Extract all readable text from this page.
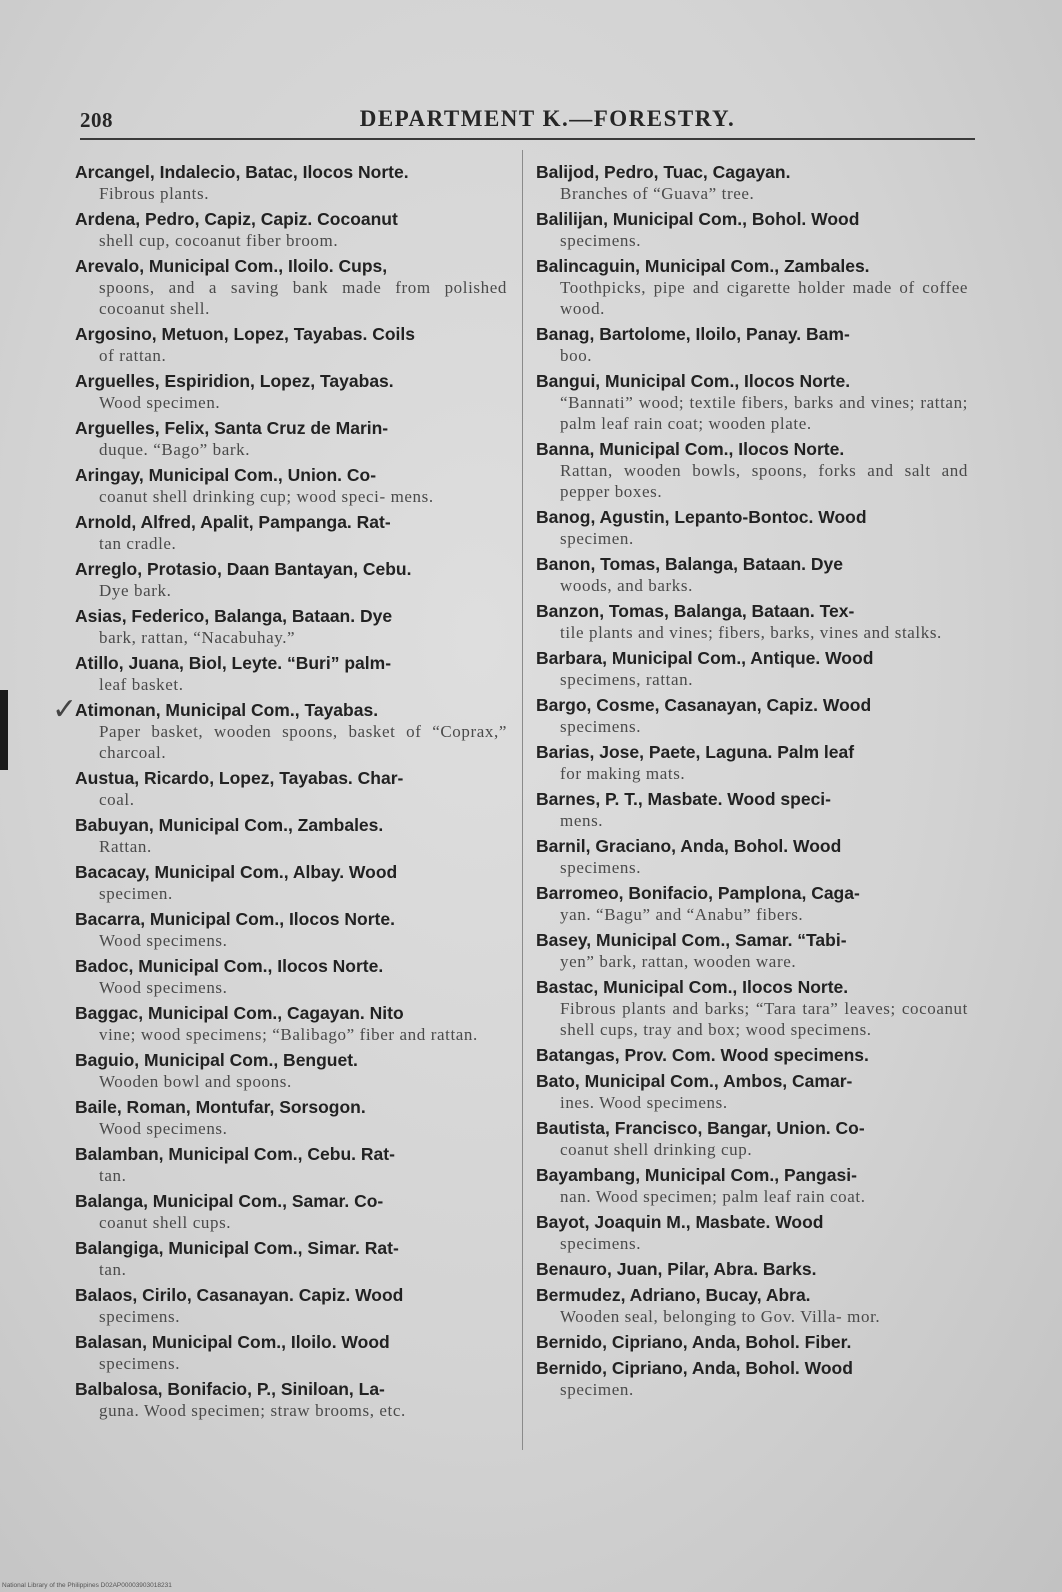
208	DEPARTMENT K.—FORESTRY.
Arcangel, Indalecio, Batac, Ilocos Norte.
Fibrous plants.
Ardena, Pedro, Capiz, Capiz. Cocoanut
shell cup, cocoanut fiber broom.
Arevalo, Municipal Com., Iloilo. Cups,
spoons, and a saving bank made from polished cocoanut shell.
Argosino, Metuon, Lopez, Tayabas. Coils
of rattan.
Arguelles, Espiridion, Lopez, Tayabas.
Wood specimen.
Arguelles, Felix, Santa Cruz de Marin-
duque. “Bago” bark.
Aringay, Municipal Com., Union. Co-
coanut shell drinking cup; wood speci- mens.
Arnold, Alfred, Apalit, Pampanga. Rat-
tan cradle.
Arreglo, Protasio, Daan Bantayan, Cebu.
Dye bark.
Asias, Federico, Balanga, Bataan. Dye
bark, rattan, “Nacabuhay.”
Atillo, Juana, Biol, Leyte. “Buri” palm-
leaf basket.
Atimonan, Municipal Com., Tayabas.
Paper basket, wooden spoons, basket of “Coprax,” charcoal.
Austua, Ricardo, Lopez, Tayabas. Char-
coal.
Babuyan, Municipal Com., Zambales.
Rattan.
Bacacay, Municipal Com., Albay. Wood
specimen.
Bacarra, Municipal Com., Ilocos Norte.
Wood specimens.
Badoc, Municipal Com., Ilocos Norte.
Wood specimens.
Baggac, Municipal Com., Cagayan. Nito
vine; wood specimens; “Balibago” fiber and rattan.
Baguio, Municipal Com., Benguet.
Wooden bowl and spoons.
Baile, Roman, Montufar, Sorsogon.
Wood specimens.
Balamban, Municipal Com., Cebu. Rat-
tan.
Balanga, Municipal Com., Samar. Co-
coanut shell cups.
Balangiga, Municipal Com., Simar. Rat-
tan.
Balaos, Cirilo, Casanayan. Capiz. Wood
specimens.
Balasan, Municipal Com., Iloilo. Wood
specimens.
Balbalosa, Bonifacio, P., Siniloan, La-
guna. Wood specimen; straw brooms, etc.
Balijod, Pedro, Tuac, Cagayan.
Branches of “Guava” tree.
Balilijan, Municipal Com., Bohol. Wood
specimens.
Balincaguin, Municipal Com., Zambales.
Toothpicks, pipe and cigarette holder made of coffee wood.
Banag, Bartolome, Iloilo, Panay. Bam-
boo.
Bangui, Municipal Com., Ilocos Norte.
“Bannati” wood; textile fibers, barks and vines; rattan; palm leaf rain coat; wooden plate.
Banna, Municipal Com., Ilocos Norte.
Rattan, wooden bowls, spoons, forks and salt and pepper boxes.
Banog, Agustin, Lepanto-Bontoc. Wood
specimen.
Banon, Tomas, Balanga, Bataan. Dye
woods, and barks.
Banzon, Tomas, Balanga, Bataan. Tex-
tile plants and vines; fibers, barks, vines and stalks.
Barbara, Municipal Com., Antique. Wood
specimens, rattan.
Bargo, Cosme, Casanayan, Capiz. Wood
specimens.
Barias, Jose, Paete, Laguna. Palm leaf
for making mats.
Barnes, P. T., Masbate. Wood speci-
mens.
Barnil, Graciano, Anda, Bohol. Wood
specimens.
Barromeo, Bonifacio, Pamplona, Caga-
yan. “Bagu” and “Anabu” fibers.
Basey, Municipal Com., Samar. “Tabi-
yen” bark, rattan, wooden ware.
Bastac, Municipal Com., Ilocos Norte.
Fibrous plants and barks; “Tara tara” leaves; cocoanut shell cups, tray and box; wood specimens.
Batangas, Prov. Com. Wood specimens.
Bato, Municipal Com., Ambos, Camar-
ines. Wood specimens.
Bautista, Francisco, Bangar, Union. Co-
coanut shell drinking cup.
Bayambang, Municipal Com., Pangasi-
nan. Wood specimen; palm leaf rain coat.
Bayot, Joaquin M., Masbate. Wood
specimens.
Benauro, Juan, Pilar, Abra. Barks.
Bermudez, Adriano, Bucay, Abra.
Wooden seal, belonging to Gov. Villa- mor.
Bernido, Cipriano, Anda, Bohol. Fiber.
Bernido, Cipriano, Anda, Bohol. Wood
specimen.
✓
National Library of the Philippines D02AP00003903018231
